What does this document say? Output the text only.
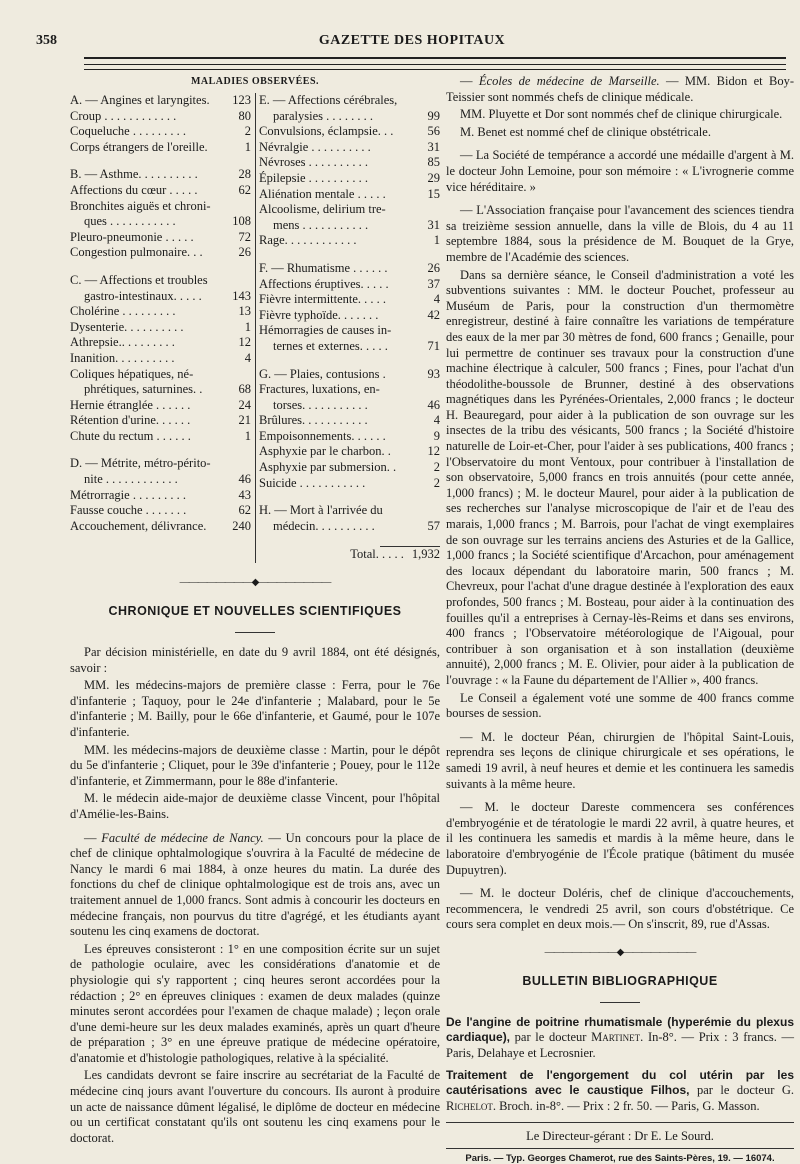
358	GAZETTE DES HOPITAUX
MALADIES OBSERVÉES.
A. — Angines et laryngites.	123
Croup . . . . . . . . . . . .	80
Coqueluche . . . . . . . . .	2
Corps étrangers de l'oreille.	1
B. — Asthme. . . . . . . . . .	28
Affections du cœur . . . . .	62
Bronchites aiguës et chroni-
ques . . . . . . . . . . .	108
Pleuro-pneumonie . . . . .	72
Congestion pulmonaire. . .	26
C. — Affections et troubles
gastro-intestinaux. . . . .	143
Cholérine . . . . . . . . .	13
Dysenterie. . . . . . . . . .	1
Athrepsie.. . . . . . . . .	12
Inanition. . . . . . . . . .	4
Coliques hépatiques, né-
phrétiques, saturnines. .	68
Hernie étranglée . . . . . .	24
Rétention d'urine. . . . . .	21
Chute du rectum . . . . . .	1
D. — Métrite, métro-périto-
nite . . . . . . . . . . . .	46
Métrorragie . . . . . . . . .	43
Fausse couche . . . . . . .	62
Accouchement, délivrance.	240
E. — Affections cérébrales,
paralysies . . . . . . . .	99
Convulsions, éclampsie. . .	56
Névralgie . . . . . . . . . .	31
Névroses . . . . . . . . . .	85
Épilepsie . . . . . . . . . .	29
Aliénation mentale . . . . .	15
Alcoolisme, delirium tre-
mens . . . . . . . . . . .	31
Rage. . . . . . . . . . . .	1
F. — Rhumatisme . . . . . .	26
Affections éruptives. . . . .	37
Fièvre intermittente. . . . .	4
Fièvre typhoïde. . . . . . .	42
Hémorragies de causes in-
ternes et externes. . . . .	71
G. — Plaies, contusions .	93
Fractures, luxations, en-
torses. . . . . . . . . . .	46
Brûlures. . . . . . . . . . .	4
Empoisonnements. . . . . .	9
Asphyxie par le charbon. .	12
Asphyxie par submersion. .	2
Suicide . . . . . . . . . . .	2
H. — Mort à l'arrivée du
médecin. . . . . . . . . .	57
Total. . . . . 1,932
————————◆————————
CHRONIQUE ET NOUVELLES SCIENTIFIQUES

Par décision ministérielle, en date du 9 avril 1884, ont été désignés, savoir :

MM. les médecins-majors de première classe : Ferra, pour le 76e d'infanterie ; Taquoy, pour le 24e d'infanterie ; Malabard, pour le 5e d'infanterie ; M. Bailly, pour le 66e d'infanterie, et Gaumé, pour le 107e d'infanterie.

MM. les médecins-majors de deuxième classe : Martin, pour le dépôt du 5e d'infanterie ; Cliquet, pour le 39e d'infanterie ; Pouey, pour le 112e d'infanterie, et Zimmermann, pour le 88e d'infanterie.

M. le médecin aide-major de deuxième classe Vincent, pour l'hôpital d'Amélie-les-Bains.

— Faculté de médecine de Nancy. — Un concours pour la place de chef de clinique ophtalmologique s'ouvrira à la Faculté de médecine de Nancy le mardi 6 mai 1884, à onze heures du matin. La durée des fonctions du chef de clinique ophtalmologique est de trois ans, avec un traitement annuel de 1,000 francs. Sont admis à concourir les docteurs en médecine français, non pourvus du titre d'agrégé, et les étudiants ayant soutenu les cinq examens de doctorat.

Les épreuves consisteront : 1° en une composition écrite sur un sujet de pathologie oculaire, avec les considérations d'anatomie et de physiologie qui s'y rapportent ; cinq heures seront accordées pour la rédaction ; 2° en épreuves cliniques : examen de deux malades (quinze minutes seront accordées pour l'examen de chaque malade) ; leçon orale d'une demi-heure sur les deux malades examinés, après un quart d'heure de préparation ; 3° en une épreuve pratique de médecine opératoire, d'anatomie et d'histologie pathologiques, relative à la spécialité.

Les candidats devront se faire inscrire au secrétariat de la Faculté de médecine cinq jours avant l'ouverture du concours. Ils auront à produire un acte de naissance dûment légalisé, le diplôme de docteur en médecine ou un certificat constatant qu'ils ont soutenu les cinq examens pour le doctorat.

— Écoles de médecine de Marseille. — MM. Bidon et Boy-Teissier sont nommés chefs de clinique médicale.

MM. Pluyette et Dor sont nommés chef de clinique chirurgicale.

M. Benet est nommé chef de clinique obstétricale.

— La Société de tempérance a accordé une médaille d'argent à M. le docteur John Lemoine, pour son mémoire : « L'ivrognerie comme vice héréditaire. »

— L'Association française pour l'avancement des sciences tiendra sa treizième session annuelle, dans la ville de Blois, du 4 au 11 septembre 1884, sous la présidence de M. Bouquet de la Grye, membre de l'Académie des sciences.

Dans sa dernière séance, le Conseil d'administration a voté les subventions suivantes : MM. le docteur Pouchet, professeur au Muséum de Paris, pour la construction d'un thermomètre enregistreur, destiné à faire connaître les variations de température des eaux de la mer par 30 mètres de fond, 600 francs ; Genaille, pour lui permettre de continuer ses travaux pour la construction d'une machine électrique à calculer, 500 francs ; Fines, pour l'achat d'un théodolithe-boussole de Brunner, destiné à des observations magnétiques dans les Pyrénées-Orientales, 2,000 francs ; le docteur H. Beauregard, pour aider à la publication de son ouvrage sur les insectes de la tribu des vésicants, 500 francs ; la Société d'histoire naturelle de Loir-et-Cher, pour l'aider à ses publications, 400 francs ; l'Observatoire du mont Ventoux, pour contribuer à l'installation de son observatoire, 5,000 francs en trois annuités (pour cette année, 1,000 francs) ; M. le docteur Maurel, pour aider à la publication de ses recherches sur l'analyse microscopique de l'air et de l'eau des marais, 1,000 francs ; M. Barrois, pour l'achat de vingt exemplaires de son ouvrage sur les terrains anciens des Asturies et de la Gallice, 1,000 francs ; la Société scientifique d'Arcachon, pour aménagement des locaux dépendant du laboratoire marin, 500 francs ; M. Chevreux, pour l'achat d'une drague destinée à l'exploration des eaux profondes, 500 francs ; M. Bosteau, pour aider à la continuation des fouilles qu'il a entreprises à Cernay-lès-Reims et dans ses environs, 400 francs ; l'Observatoire météorologique de l'Aigoual, pour contribuer à son organisation et à son installation (deuxième annuité), 2,000 francs ; M. E. Olivier, pour aider à la publication de l'ouvrage : « la Faune du département de l'Allier », 400 francs.

Le Conseil a également voté une somme de 400 francs comme bourses de session.

— M. le docteur Péan, chirurgien de l'hôpital Saint-Louis, reprendra ses leçons de clinique chirurgicale et ses opérations, le samedi 19 avril, à neuf heures et demie et les continuera les samedis suivants à la même heure.

— M. le docteur Dareste commencera ses conférences d'embryogénie et de tératologie le mardi 22 avril, à quatre heures, et il les continuera les samedis et mardis à la même heure, dans le laboratoire d'embryogénie de l'École pratique (bâtiment du musée Dupuytren).

— M. le docteur Doléris, chef de clinique d'accouchements, recommencera, le vendredi 25 avril, son cours d'obstétrique. Ce cours sera complet en deux mois.— On s'inscrit, 89, rue d'Assas.

————————◆————————
BULLETIN BIBLIOGRAPHIQUE
De l'angine de poitrine rhumatismale (hyperémie du plexus cardiaque), par le docteur Martinet. In-8°. — Prix : 3 francs. — Paris, Delahaye et Lecrosnier.
Traitement de l'engorgement du col utérin par les cautérisations avec le caustique Filhos, par le docteur G. Richelot. Broch. in-8°. — Prix : 2 fr. 50. — Paris, G. Masson.
Le Directeur-gérant : Dr E. Le Sourd.
Paris. — Typ. Georges Chamerot, rue des Saints-Pères, 19. — 16074.
